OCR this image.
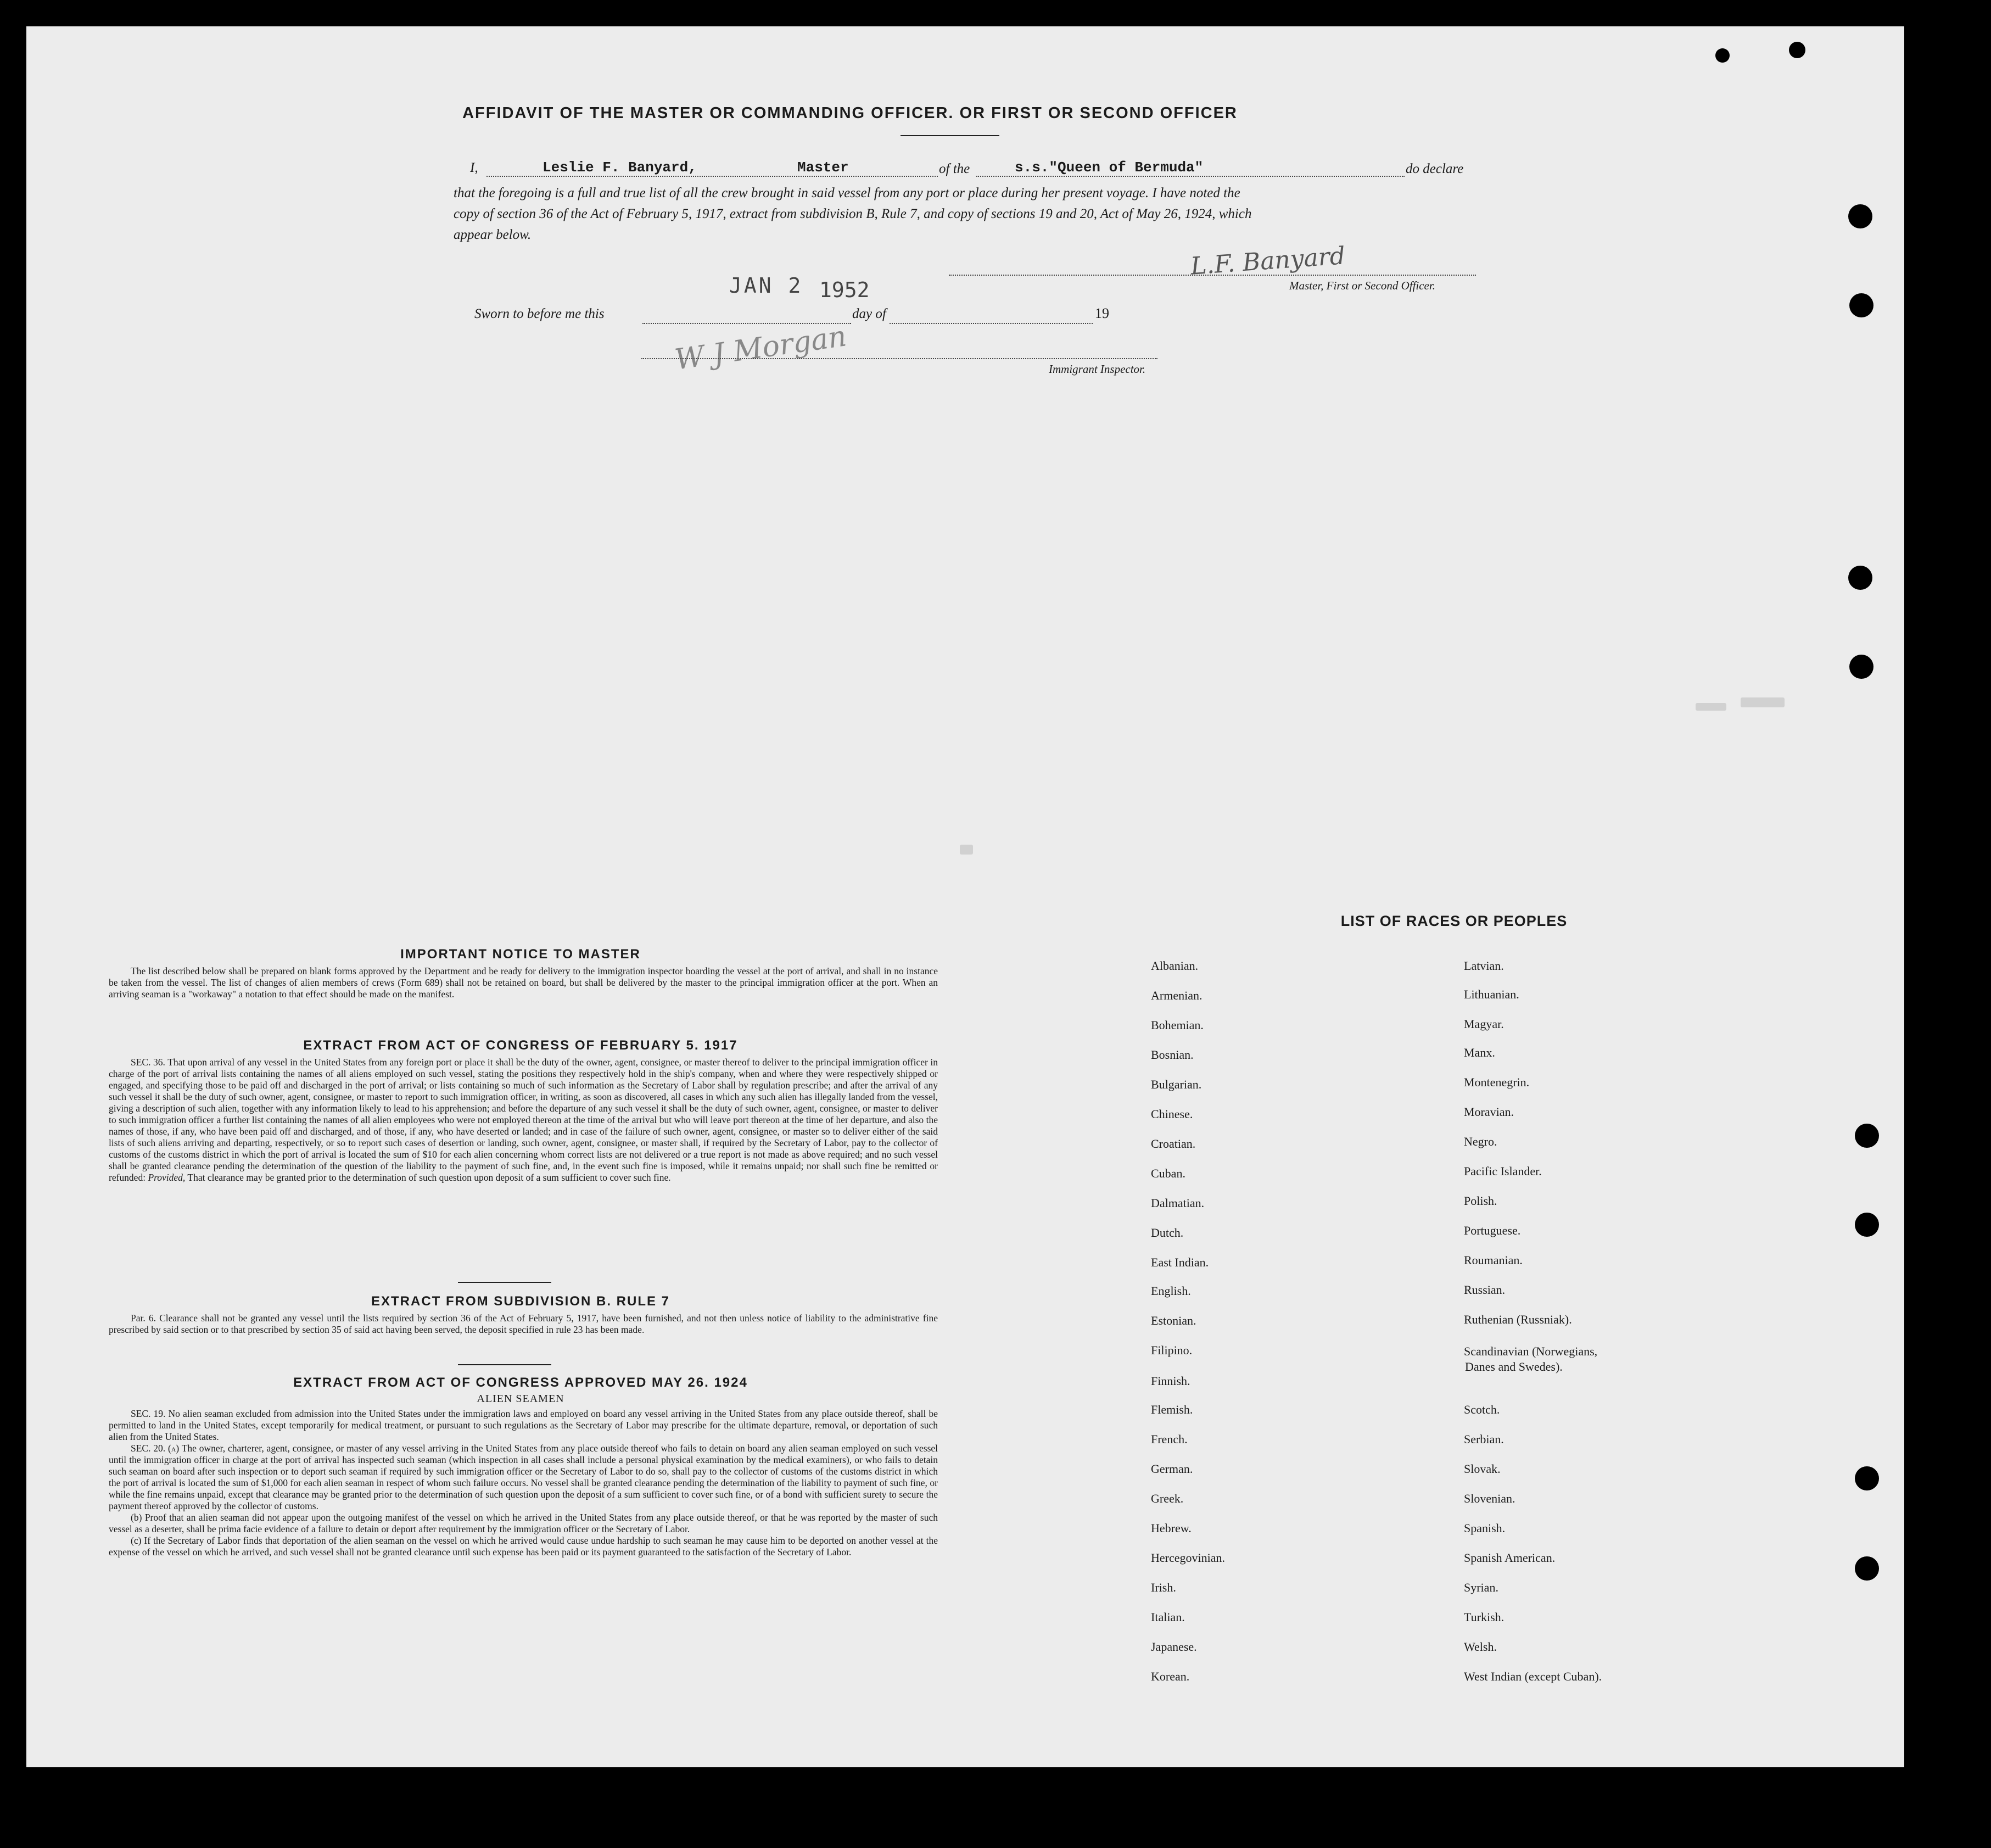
AFFIDAVIT OF THE MASTER OR COMMANDING OFFICER. OR FIRST OR SECOND OFFICER
I,	Leslie F. Banyard,	Master	of the	s.s."Queen of Bermuda"	do declare
that the foregoing is a full and true list of all the crew brought in said vessel from any port or place during her present voyage. I have noted the
copy of section 36 of the Act of February 5, 1917, extract from subdivision B, Rule 7, and copy of sections 19 and 20, Act of May 26, 1924, which
appear below.
JAN 2 1952
L.F. Banyard
Master, First or Second Officer.
Sworn to before me this	day of	19
W J Morgan	Immigrant Inspector.
IMPORTANT NOTICE TO MASTER
The list described below shall be prepared on blank forms approved by the Department and be ready for delivery to the immigration inspector boarding the vessel at the port of arrival, and shall in no instance be taken from the vessel. The list of changes of alien members of crews (Form 689) shall not be retained on board, but shall be delivered by the master to the principal immigration officer at the port. When an arriving seaman is a "workaway" a notation to that effect should be made on the manifest.
EXTRACT FROM ACT OF CONGRESS OF FEBRUARY 5. 1917
SEC. 36. That upon arrival of any vessel in the United States from any foreign port or place it shall be the duty of the owner, agent, consignee, or master thereof to deliver to the principal immigration officer in charge of the port of arrival lists containing the names of all aliens employed on such vessel, stating the positions they respectively hold in the ship's company, when and where they were respectively shipped or engaged, and specifying those to be paid off and discharged in the port of arrival; or lists containing so much of such information as the Secretary of Labor shall by regulation prescribe; and after the arrival of any such vessel it shall be the duty of such owner, agent, consignee, or master to report to such immigration officer, in writing, as soon as discovered, all cases in which any such alien has illegally landed from the vessel, giving a description of such alien, together with any information likely to lead to his apprehension; and before the departure of any such vessel it shall be the duty of such owner, agent, consignee, or master to deliver to such immigration officer a further list containing the names of all alien employees who were not employed thereon at the time of the arrival but who will leave port thereon at the time of her departure, and also the names of those, if any, who have been paid off and discharged, and of those, if any, who have deserted or landed; and in case of the failure of such owner, agent, consignee, or master so to deliver either of the said lists of such aliens arriving and departing, respectively, or so to report such cases of desertion or landing, such owner, agent, consignee, or master shall, if required by the Secretary of Labor, pay to the collector of customs of the customs district in which the port of arrival is located the sum of $10 for each alien concerning whom correct lists are not delivered or a true report is not made as above required; and no such vessel shall be granted clearance pending the determination of the question of the liability to the payment of such fine, and, in the event such fine is imposed, while it remains unpaid; nor shall such fine be remitted or refunded: Provided, That clearance may be granted prior to the determination of such question upon deposit of a sum sufficient to cover such fine.
EXTRACT FROM SUBDIVISION B. RULE 7
Par. 6. Clearance shall not be granted any vessel until the lists required by section 36 of the Act of February 5, 1917, have been furnished, and not then unless notice of liability to the administrative fine prescribed by said section or to that prescribed by section 35 of said act having been served, the deposit specified in rule 23 has been made.
EXTRACT FROM ACT OF CONGRESS APPROVED MAY 26. 1924
ALIEN SEAMEN
SEC. 19. No alien seaman excluded from admission into the United States under the immigration laws and employed on board any vessel arriving in the United States from any place outside thereof, shall be permitted to land in the United States, except temporarily for medical treatment, or pursuant to such regulations as the Secretary of Labor may prescribe for the ultimate departure, removal, or deportation of such alien from the United States.
SEC. 20. (a) The owner, charterer, agent, consignee, or master of any vessel arriving in the United States from any place outside thereof who fails to detain on board any alien seaman employed on such vessel until the immigration officer in charge at the port of arrival has inspected such seaman (which inspection in all cases shall include a personal physical examination by the medical examiners), or who fails to detain such seaman on board after such inspection or to deport such seaman if required by such immigration officer or the Secretary of Labor to do so, shall pay to the collector of customs of the customs district in which the port of arrival is located the sum of $1,000 for each alien seaman in respect of whom such failure occurs. No vessel shall be granted clearance pending the determination of the liability to payment of such fine, or while the fine remains unpaid, except that clearance may be granted prior to the determination of such question upon the deposit of a sum sufficient to cover such fine, or of a bond with sufficient surety to secure the payment thereof approved by the collector of customs.
(b) Proof that an alien seaman did not appear upon the outgoing manifest of the vessel on which he arrived in the United States from any place outside thereof, or that he was reported by the master of such vessel as a deserter, shall be prima facie evidence of a failure to detain or deport after requirement by the immigration officer or the Secretary of Labor.
(c) If the Secretary of Labor finds that deportation of the alien seaman on the vessel on which he arrived would cause undue hardship to such seaman he may cause him to be deported on another vessel at the expense of the vessel on which he arrived, and such vessel shall not be granted clearance until such expense has been paid or its payment guaranteed to the satisfaction of the Secretary of Labor.
LIST OF RACES OR PEOPLES
Albanian.
Armenian.
Bohemian.
Bosnian.
Bulgarian.
Chinese.
Croatian.
Cuban.
Dalmatian.
Dutch.
East Indian.
English.
Estonian.
Filipino.
Finnish.
Flemish.
French.
German.
Greek.
Hebrew.
Hercegovinian.
Irish.
Italian.
Japanese.
Korean.
Latvian.
Lithuanian.
Magyar.
Manx.
Montenegrin.
Moravian.
Negro.
Pacific Islander.
Polish.
Portuguese.
Roumanian.
Russian.
Ruthenian (Russniak).
Scandinavian (Norwegians,
Danes and Swedes).
Scotch.
Serbian.
Slovak.
Slovenian.
Spanish.
Spanish American.
Syrian.
Turkish.
Welsh.
West Indian (except Cuban).
